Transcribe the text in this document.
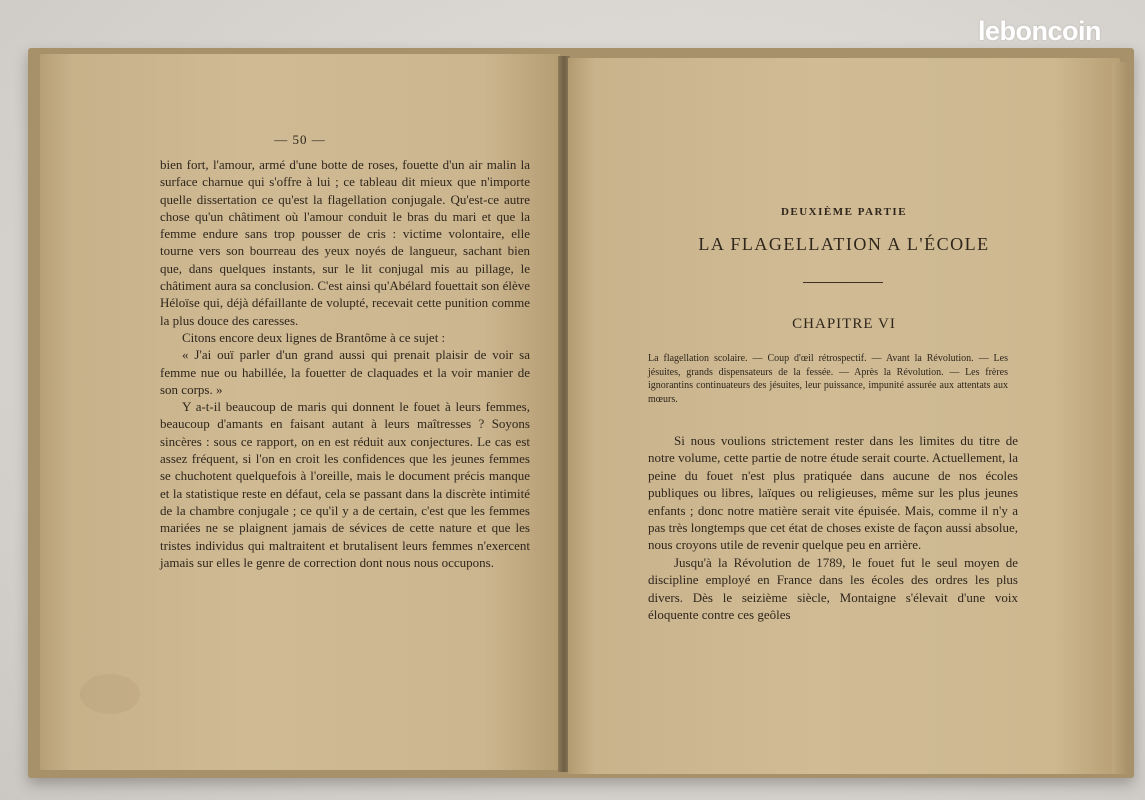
— 50 —

bien fort, l'amour, armé d'une botte de roses, fouette d'un air malin la surface charnue qui s'offre à lui ; ce tableau dit mieux que n'importe quelle dissertation ce qu'est la flagellation conjugale. Qu'est-ce autre chose qu'un châtiment où l'amour conduit le bras du mari et que la femme endure sans trop pousser de cris : victime volontaire, elle tourne vers son bourreau des yeux noyés de langueur, sachant bien que, dans quelques instants, sur le lit conjugal mis au pillage, le châtiment aura sa conclusion. C'est ainsi qu'Abélard fouettait son élève Héloïse qui, déjà défaillante de volupté, recevait cette punition comme la plus douce des caresses.

Citons encore deux lignes de Brantôme à ce sujet :

« J'ai ouï parler d'un grand aussi qui prenait plaisir de voir sa femme nue ou habillée, la fouetter de claquades et la voir manier de son corps. »

Y a-t-il beaucoup de maris qui donnent le fouet à leurs femmes, beaucoup d'amants en faisant autant à leurs maîtresses ? Soyons sincères : sous ce rapport, on en est réduit aux conjectures. Le cas est assez fréquent, si l'on en croit les confidences que les jeunes femmes se chuchotent quelquefois à l'oreille, mais le document précis manque et la statistique reste en défaut, cela se passant dans la discrète intimité de la chambre conjugale ; ce qu'il y a de certain, c'est que les femmes mariées ne se plaignent jamais de sévices de cette nature et que les tristes individus qui maltraitent et brutalisent leurs femmes n'exercent jamais sur elles le genre de correction dont nous nous occupons.

DEUXIÈME PARTIE
LA FLAGELLATION A L'ÉCOLE
CHAPITRE VI
La flagellation scolaire. — Coup d'œil rétrospectif. — Avant la Révolution. — Les jésuites, grands dispensateurs de la fessée. — Après la Révolution. — Les frères ignorantins continuateurs des jésuites, leur puissance, impunité assurée aux attentats aux mœurs.

Si nous voulions strictement rester dans les limites du titre de notre volume, cette partie de notre étude serait courte. Actuellement, la peine du fouet n'est plus pratiquée dans aucune de nos écoles publiques ou libres, laïques ou religieuses, même sur les plus jeunes enfants ; donc notre matière serait vite épuisée. Mais, comme il n'y a pas très longtemps que cet état de choses existe de façon aussi absolue, nous croyons utile de revenir quelque peu en arrière.

Jusqu'à la Révolution de 1789, le fouet fut le seul moyen de discipline employé en France dans les écoles des ordres les plus divers. Dès le seizième siècle, Montaigne s'élevait d'une voix éloquente contre ces geôles

leboncoin
